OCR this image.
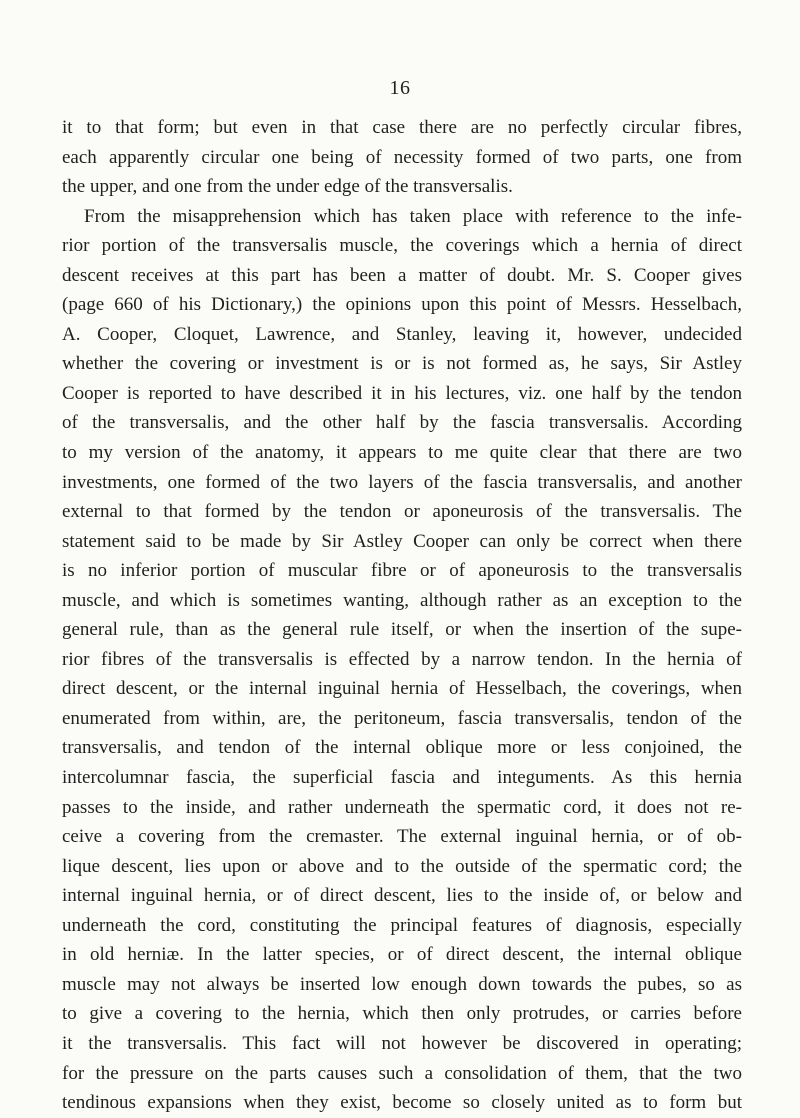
16
it to that form; but even in that case there are no perfectly circular fibres,
each apparently circular one being of necessity formed of two parts, one from
the upper, and one from the under edge of the transversalis.
From the misapprehension which has taken place with reference to the infe-
rior portion of the transversalis muscle, the coverings which a hernia of direct
descent receives at this part has been a matter of doubt. Mr. S. Cooper gives
(page 660 of his Dictionary,) the opinions upon this point of Messrs. Hesselbach,
A. Cooper, Cloquet, Lawrence, and Stanley, leaving it, however, undecided
whether the covering or investment is or is not formed as, he says, Sir Astley
Cooper is reported to have described it in his lectures, viz. one half by the tendon
of the transversalis, and the other half by the fascia transversalis. According
to my version of the anatomy, it appears to me quite clear that there are two
investments, one formed of the two layers of the fascia transversalis, and another
external to that formed by the tendon or aponeurosis of the transversalis. The
statement said to be made by Sir Astley Cooper can only be correct when there
is no inferior portion of muscular fibre or of aponeurosis to the transversalis
muscle, and which is sometimes wanting, although rather as an exception to the
general rule, than as the general rule itself, or when the insertion of the supe-
rior fibres of the transversalis is effected by a narrow tendon. In the hernia of
direct descent, or the internal inguinal hernia of Hesselbach, the coverings, when
enumerated from within, are, the peritoneum, fascia transversalis, tendon of the
transversalis, and tendon of the internal oblique more or less conjoined, the
intercolumnar fascia, the superficial fascia and integuments. As this hernia
passes to the inside, and rather underneath the spermatic cord, it does not re-
ceive a covering from the cremaster. The external inguinal hernia, or of ob-
lique descent, lies upon or above and to the outside of the spermatic cord; the
internal inguinal hernia, or of direct descent, lies to the inside of, or below and
underneath the cord, constituting the principal features of diagnosis, especially
in old herniæ. In the latter species, or of direct descent, the internal oblique
muscle may not always be inserted low enough down towards the pubes, so as
to give a covering to the hernia, which then only protrudes, or carries before
it the transversalis. This fact will not however be discovered in operating;
for the pressure on the parts causes such a consolidation of them, that the two
tendinous expansions when they exist, become so closely united as to form but
